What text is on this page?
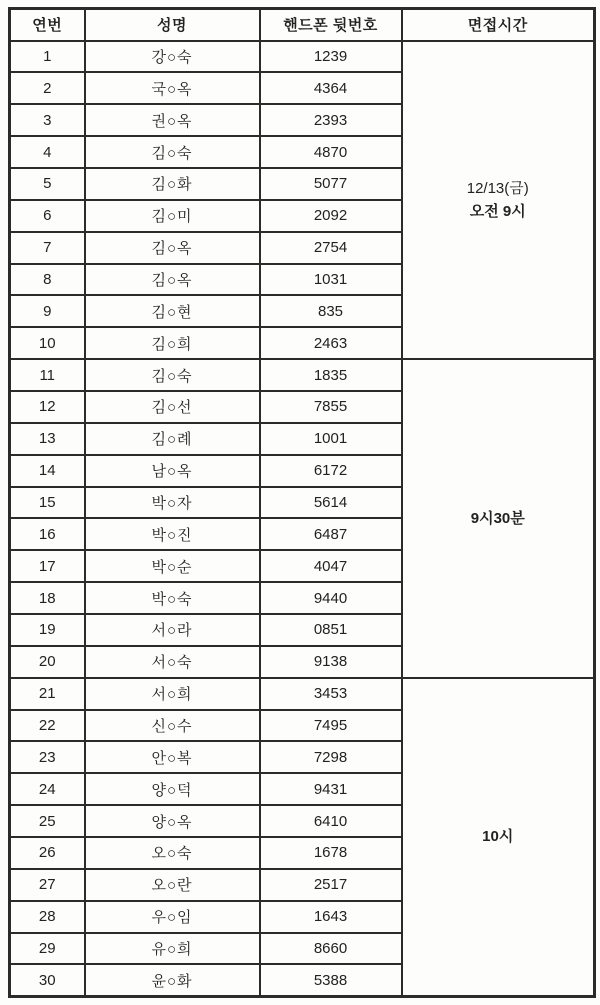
연번	성명	핸드폰 뒷번호	면접시간
1	강○숙	1239	12/13(금)
오전 9시

2	국○옥	4364	
3	권○옥	2393	
4	김○숙	4870	
5	김○화	5077	
6	김○미	2092	
7	김○옥	2754	
8	김○옥	1031	
9	김○현	835	
10	김○희	2463	
11	김○숙	1835	9시30분

12	김○선	7855	
13	김○례	1001	
14	남○옥	6172	
15	박○자	5614	
16	박○진	6487	
17	박○순	4047	
18	박○숙	9440	
19	서○라	0851	
20	서○숙	9138	
21	서○희	3453	10시

22	신○수	7495	
23	안○복	7298	
24	양○덕	9431	
25	양○옥	6410	
26	오○숙	1678	
27	오○란	2517	
28	우○임	1643	
29	유○희	8660	
30	윤○화	5388	
